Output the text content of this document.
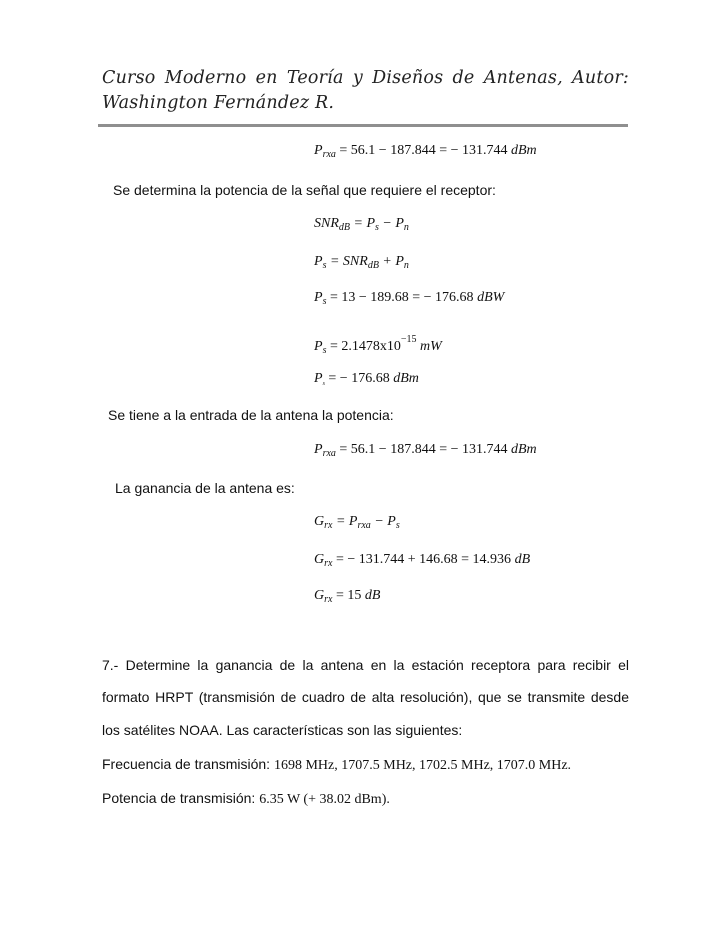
Curso Moderno en Teoría y Diseños de Antenas, Autor: Washington Fernández R.
$P_{rxa} = 56.1 - 187.844$ = − 131.744 dBm
Se determina la potencia de la señal que requiere el receptor:
$SNR_{dB} = P_s - P_n$
$P_s = SNR_{dB} + P_n$
$P_s = 13 - 189.68$ = − 176.68 dBW
$P_s = 2.1478x10^{-15}$ mW
$P_s$ = − 176.68 dBm
Se tiene a la entrada de la antena la potencia:
$P_{rxa} = 56.1 - 187.844$ = − 131.744 dBm
La ganancia de la antena es:
$G_{rx} = P_{rxa} - P_s$
$G_{rx}$ = − 131.744 + 146.68 = 14.936 dB
$G_{rx} = 15$ dB
7.- Determine la ganancia de la antena en la estación receptora para recibir el
formato HRPT (transmisión de cuadro de alta resolución), que se transmite desde
los satélites NOAA. Las características son las siguientes:
Frecuencia de transmisión: 1698 MHz, 1707.5 MHz, 1702.5 MHz, 1707.0 MHz.
Potencia de transmisión: 6.35 W (+ 38.02 dBm).
